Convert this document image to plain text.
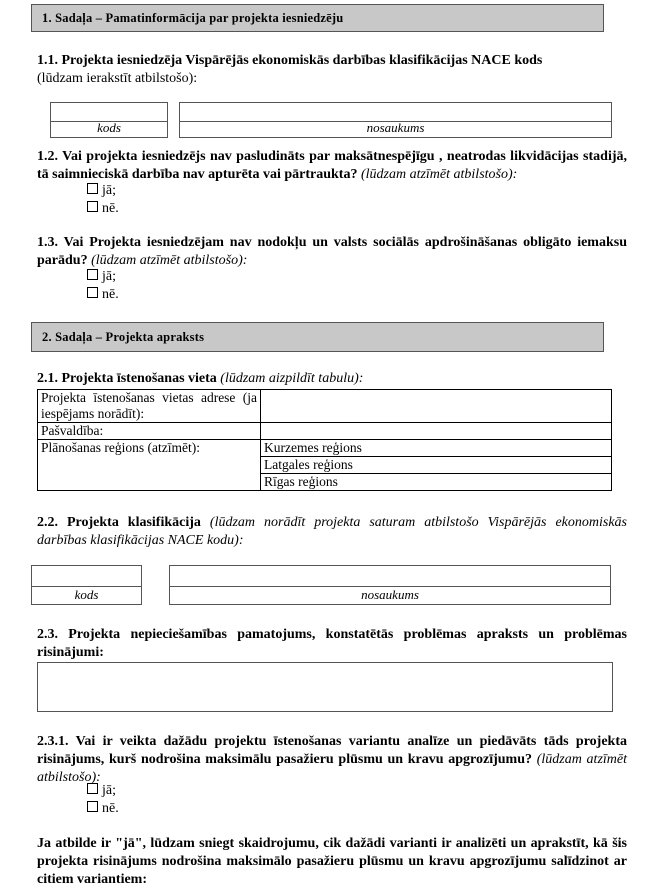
1. Sadaļa – Pamatinformācija par projekta iesniedzēju
1.1. Projekta iesniedzēja Vispārējās ekonomiskās darbības klasifikācijas NACE kods
(lūdzam ierakstīt atbilstošo):
kods	nosaukums
1.2. Vai projekta iesniedzējs nav pasludināts par maksātnespējīgu , neatrodas likvidācijas stadijā, tā saimnieciskā darbība nav apturēta vai pārtraukta? (lūdzam atzīmēt atbilstošo):
jā;
nē.
1.3. Vai Projekta iesniedzējam nav nodokļu un valsts sociālās apdrošināšanas obligāto iemaksu parādu? (lūdzam atzīmēt atbilstošo):
jā;
nē.
2. Sadaļa – Projekta apraksts
2.1. Projekta īstenošanas vieta (lūdzam aizpildīt tabulu):
Projekta īstenošanas vietas adrese (ja iespējams norādīt):	
Pašvaldība:	
Plānošanas reģions (atzīmēt):	Kurzemes reģions
	Latgales reģions
	Rīgas reģions
2.2. Projekta klasifikācija (lūdzam norādīt projekta saturam atbilstošo Vispārējās ekonomiskās darbības klasifikācijas NACE kodu):
kods	nosaukums
2.3. Projekta nepieciešamības pamatojums, konstatētās problēmas apraksts un problēmas risinājumi:
2.3.1. Vai ir veikta dažādu projektu īstenošanas variantu analīze un piedāvāts tāds projekta risinājums, kurš nodrošina maksimālu pasažieru plūsmu un kravu apgrozījumu? (lūdzam atzīmēt atbilstošo):
jā;
nē.
Ja atbilde ir "jā", lūdzam sniegt skaidrojumu, cik dažādi varianti ir analizēti un aprakstīt, kā šis projekta risinājums nodrošina maksimālo pasažieru plūsmu un kravu apgrozījumu salīdzinot ar citiem variantiem:
